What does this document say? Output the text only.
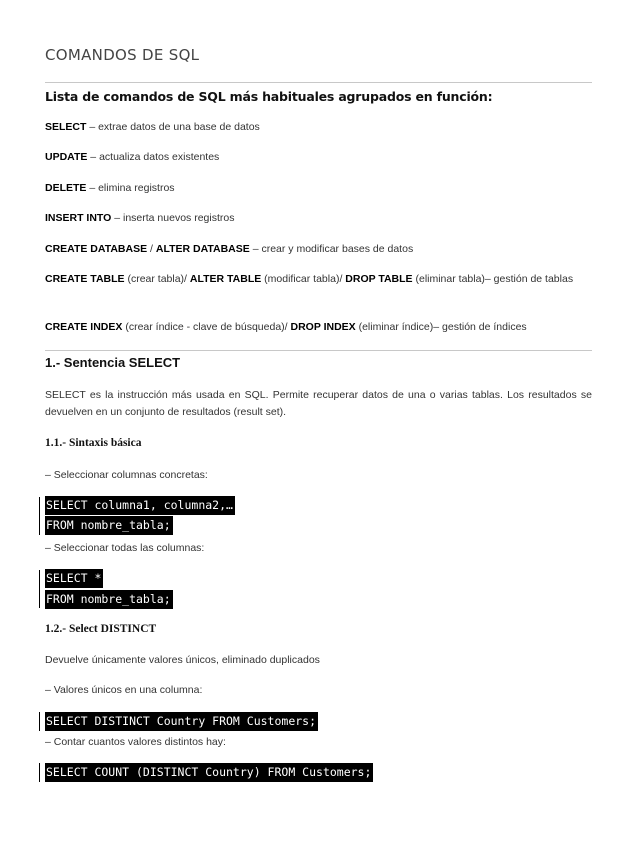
COMANDOS DE SQL
Lista de comandos de SQL más habituales agrupados en función:
SELECT – extrae datos de una base de datos
UPDATE – actualiza datos existentes
DELETE – elimina registros
INSERT INTO – inserta nuevos registros
CREATE DATABASE / ALTER DATABASE – crear y modificar bases de datos
CREATE TABLE (crear tabla)/ ALTER TABLE (modificar tabla)/ DROP TABLE (eliminar tabla)– gestión de tablas
CREATE INDEX (crear índice - clave de búsqueda)/ DROP INDEX (eliminar índice)– gestión de índices
1.- Sentencia SELECT
SELECT es la instrucción más usada en SQL. Permite recuperar datos de una o varias tablas. Los resultados se devuelven en un conjunto de resultados (result set).
1.1.- Sintaxis básica
– Seleccionar columnas concretas:
SELECT columna1, columna2,…
FROM nombre_tabla;
– Seleccionar todas las columnas:
SELECT *
FROM nombre_tabla;
1.2.- Select DISTINCT
Devuelve únicamente valores únicos, eliminado duplicados
– Valores únicos en una columna:
SELECT DISTINCT Country FROM Customers;
– Contar cuantos valores distintos hay:
SELECT COUNT (DISTINCT Country) FROM Customers;
